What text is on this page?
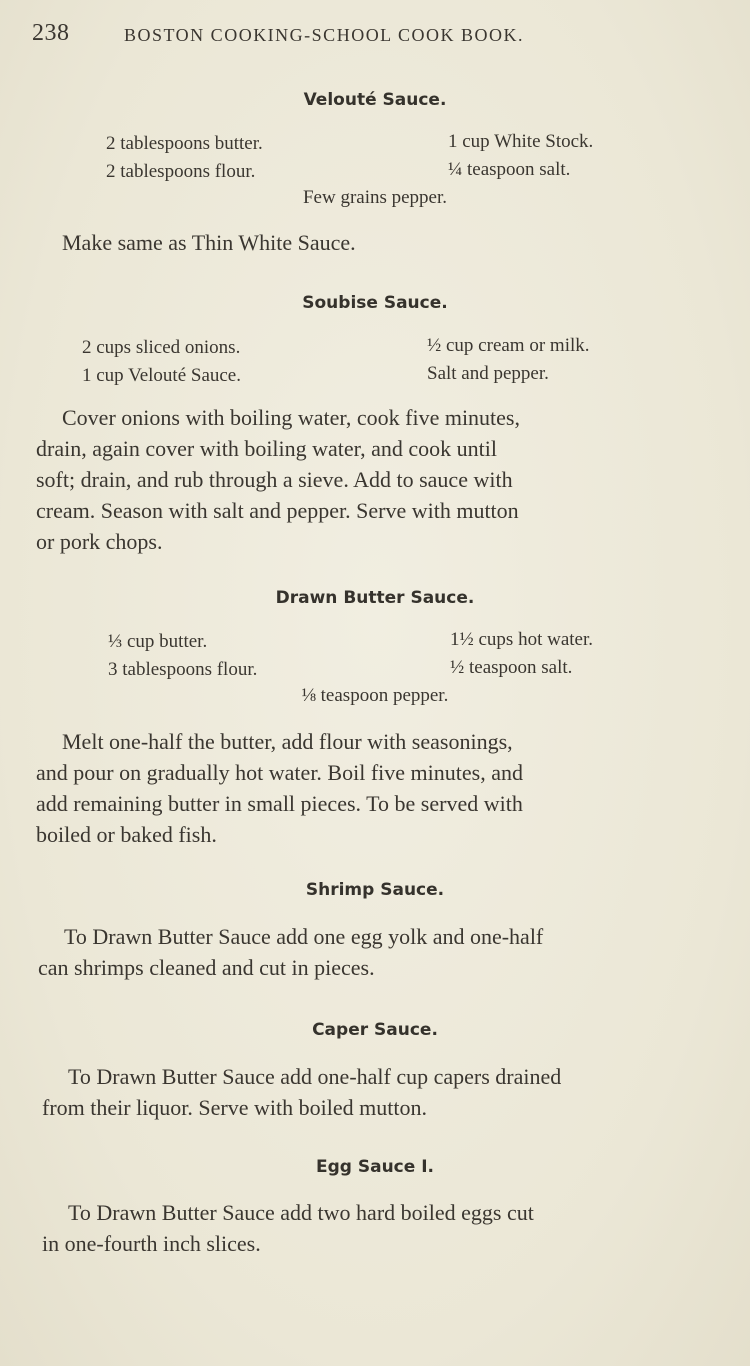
238	BOSTON COOKING-SCHOOL COOK BOOK.
Velouté Sauce.
2 tablespoons butter.
2 tablespoons flour.
1 cup White Stock.
¼ teaspoon salt.
Few grains pepper.
Make same as Thin White Sauce.
Soubise Sauce.
2 cups sliced onions.
1 cup Velouté Sauce.
½ cup cream or milk.
Salt and pepper.
Cover onions with boiling water, cook five minutes,
drain, again cover with boiling water, and cook until
soft; drain, and rub through a sieve. Add to sauce with
cream. Season with salt and pepper. Serve with mutton
or pork chops.
Drawn Butter Sauce.
⅓ cup butter.
3 tablespoons flour.
1½ cups hot water.
½ teaspoon salt.
⅛ teaspoon pepper.
Melt one-half the butter, add flour with seasonings,
and pour on gradually hot water. Boil five minutes, and
add remaining butter in small pieces. To be served with
boiled or baked fish.
Shrimp Sauce.
To Drawn Butter Sauce add one egg yolk and one-half
can shrimps cleaned and cut in pieces.
Caper Sauce.
To Drawn Butter Sauce add one-half cup capers drained
from their liquor. Serve with boiled mutton.
Egg Sauce I.
To Drawn Butter Sauce add two hard boiled eggs cut
in one-fourth inch slices.
